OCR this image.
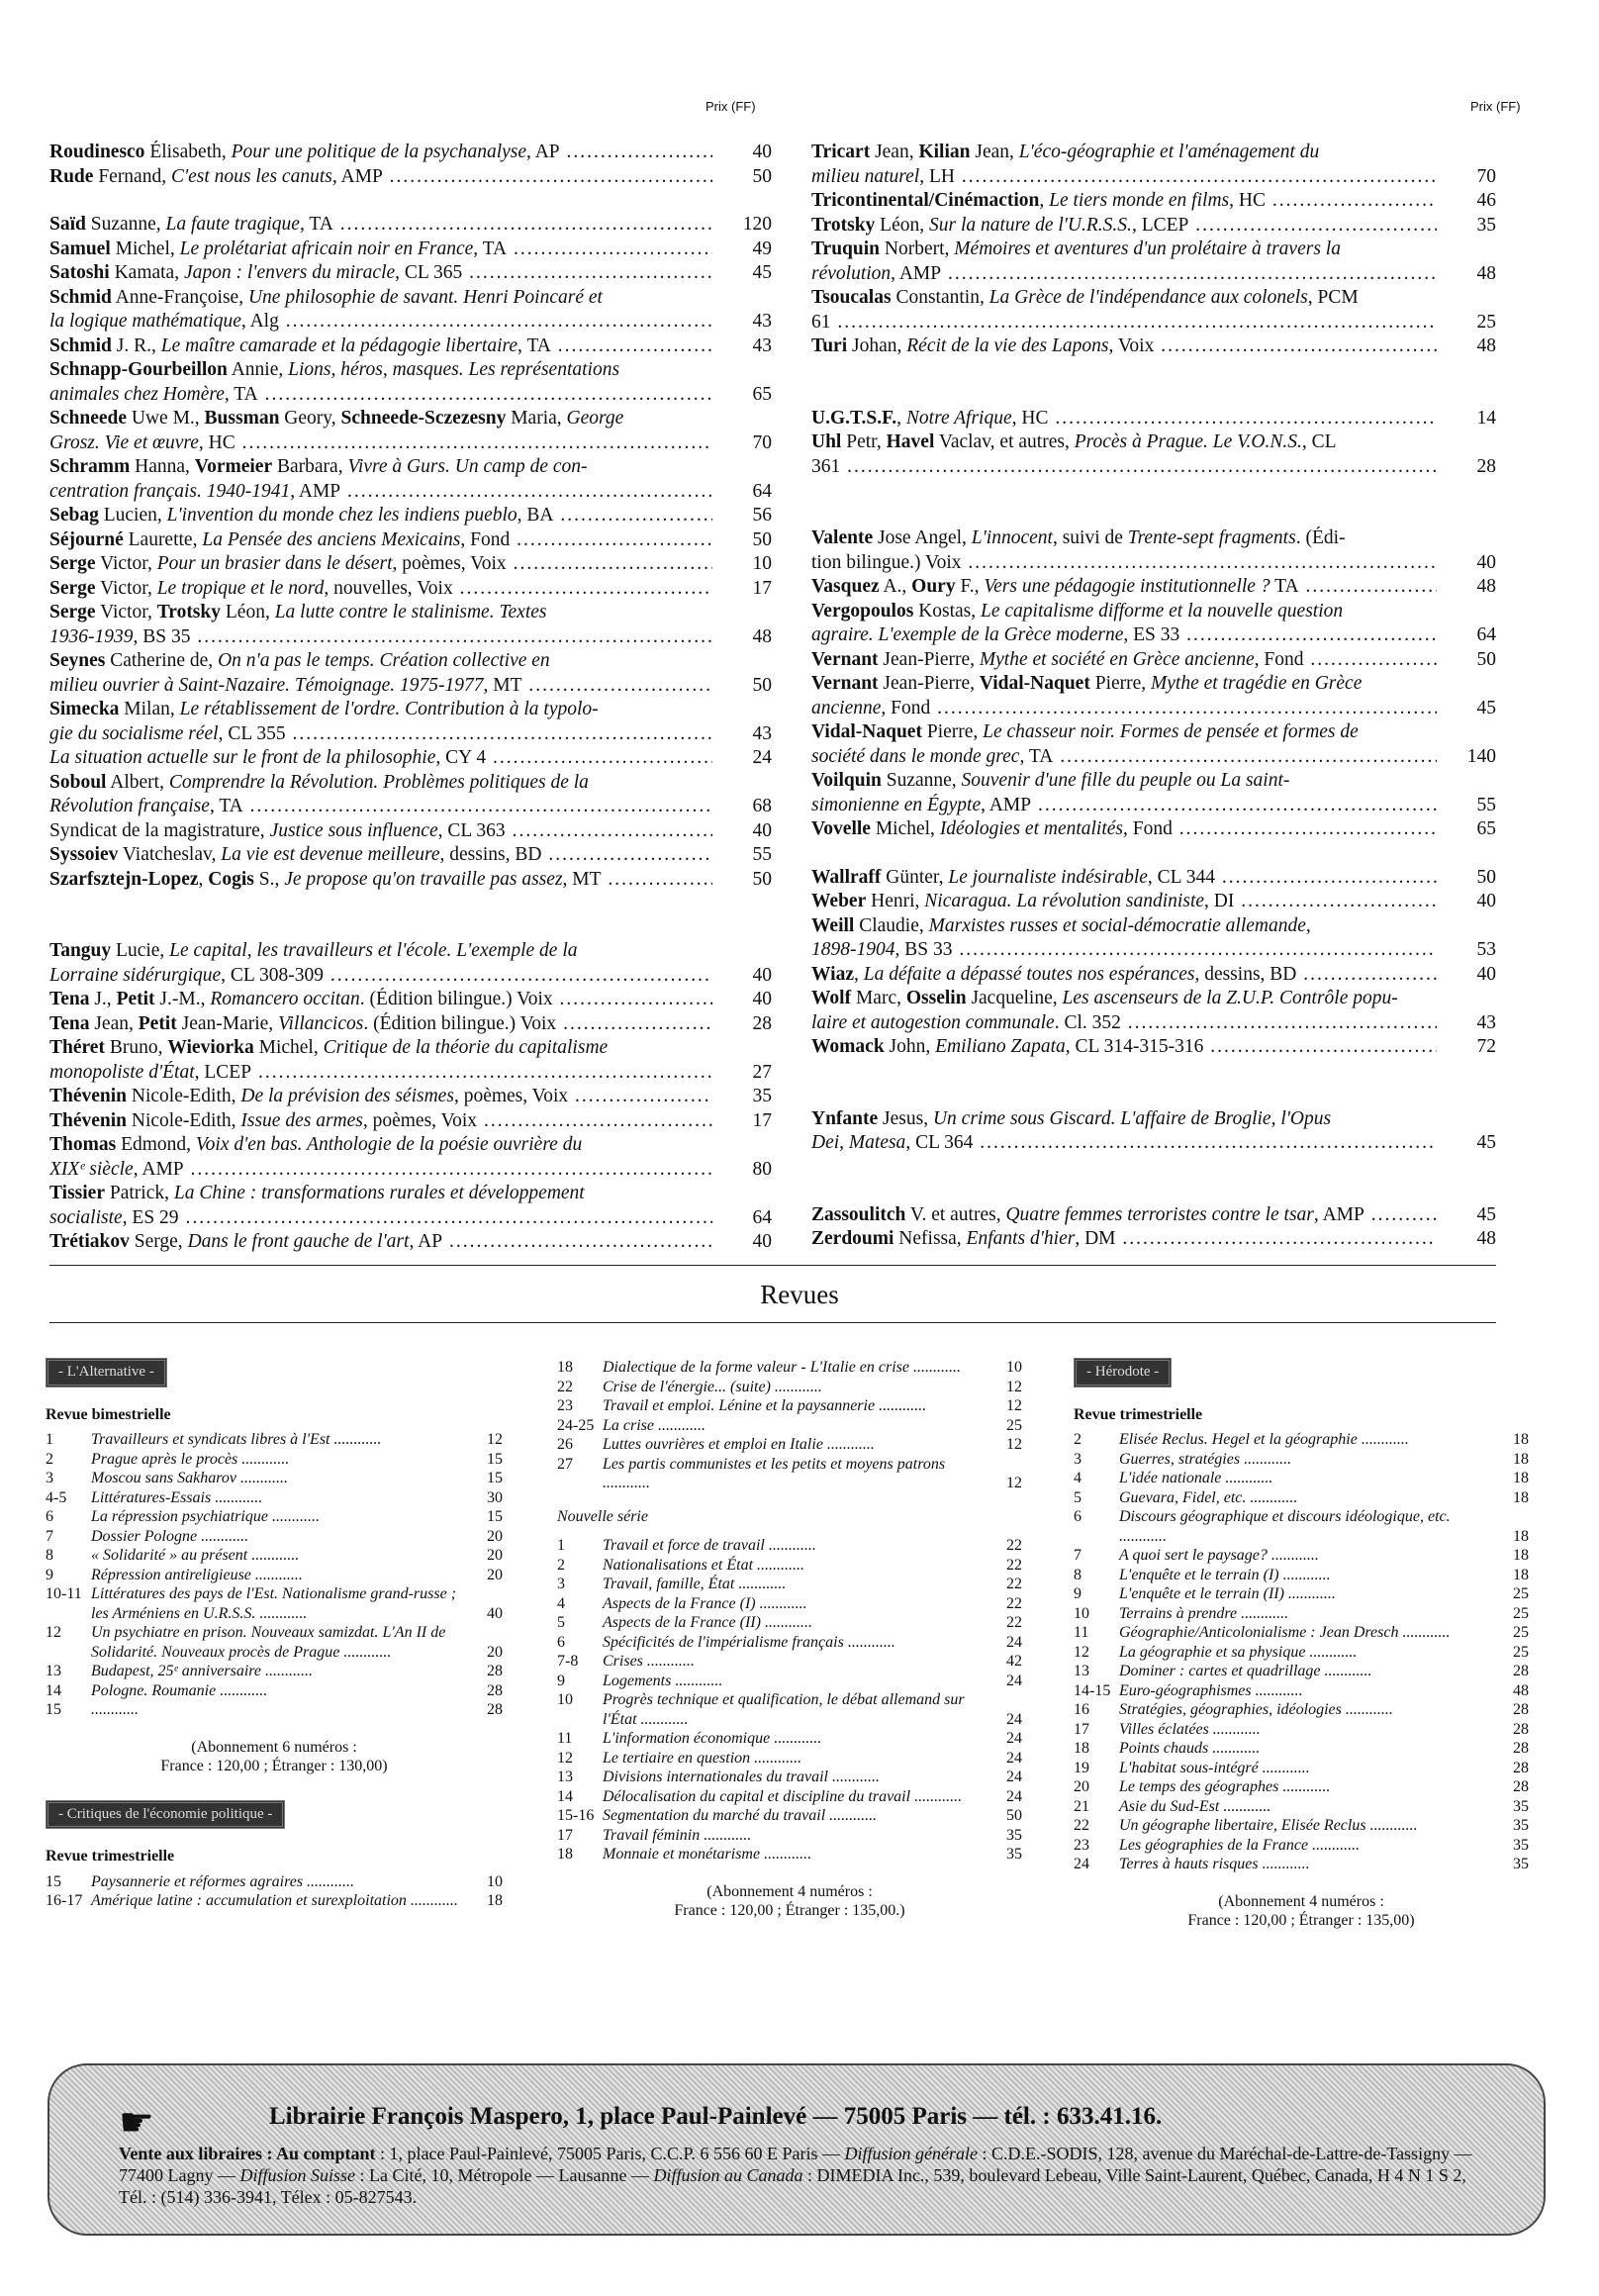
Prix (FF)	Prix (FF)
Roudinesco Élisabeth, Pour une politique de la psychanalyse, AP .....	40
Rude Fernand, C'est nous les canuts, AMP .....	50
Saïd Suzanne, La faute tragique, TA .....	120
Samuel Michel, Le prolétariat africain noir en France, TA .....	49
Satoshi Kamata, Japon : l'envers du miracle, CL 365 .....	45
Schmid Anne-Françoise, Une philosophie de savant. Henri Poincaré et
la logique mathématique, Alg .....	43
Schmid J. R., Le maître camarade et la pédagogie libertaire, TA .....	43
Schnapp-Gourbeillon Annie, Lions, héros, masques. Les représentations
animales chez Homère, TA .....	65
Schneede Uwe M., Bussman Geory, Schneede-Sczezesny Maria, George
Grosz. Vie et œuvre, HC .....	70
Schramm Hanna, Vormeier Barbara, Vivre à Gurs. Un camp de con-
centration français. 1940-1941, AMP .....	64
Sebag Lucien, L'invention du monde chez les indiens pueblo, BA .....	56
Séjourné Laurette, La Pensée des anciens Mexicains, Fond .....	50
Serge Victor, Pour un brasier dans le désert, poèmes, Voix .....	10
Serge Victor, Le tropique et le nord, nouvelles, Voix .....	17
Serge Victor, Trotsky Léon, La lutte contre le stalinisme. Textes
1936-1939, BS 35 .....	48
Seynes Catherine de, On n'a pas le temps. Création collective en
milieu ouvrier à Saint-Nazaire. Témoignage. 1975-1977, MT .....	50
Simecka Milan, Le rétablissement de l'ordre. Contribution à la typolo-
gie du socialisme réel, CL 355 .....	43
La situation actuelle sur le front de la philosophie, CY 4 .....	24
Soboul Albert, Comprendre la Révolution. Problèmes politiques de la
Révolution française, TA .....	68
Syndicat de la magistrature, Justice sous influence, CL 363 .....	40
Syssoiev Viatcheslav, La vie est devenue meilleure, dessins, BD .....	55
Szarfsztejn-Lopez, Cogis S., Je propose qu'on travaille pas assez, MT .....	50
Tanguy Lucie, Le capital, les travailleurs et l'école. L'exemple de la
Lorraine sidérurgique, CL 308-309 .....	40
Tena J., Petit J.-M., Romancero occitan. (Édition bilingue.) Voix .....	40
Tena Jean, Petit Jean-Marie, Villancicos. (Édition bilingue.) Voix .....	28
Théret Bruno, Wieviorka Michel, Critique de la théorie du capitalisme
monopoliste d'État, LCEP .....	27
Thévenin Nicole-Edith, De la prévision des séismes, poèmes, Voix .....	35
Thévenin Nicole-Edith, Issue des armes, poèmes, Voix .....	17
Thomas Edmond, Voix d'en bas. Anthologie de la poésie ouvrière du
XIXᵉ siècle, AMP .....	80
Tissier Patrick, La Chine : transformations rurales et développement
socialiste, ES 29 .....	64
Trétiakov Serge, Dans le front gauche de l'art, AP .....	40
Tricart Jean, Kilian Jean, L'éco-géographie et l'aménagement du
milieu naturel, LH .....	70
Tricontinental/Cinémaction, Le tiers monde en films, HC .....	46
Trotsky Léon, Sur la nature de l'U.R.S.S., LCEP .....	35
Truquin Norbert, Mémoires et aventures d'un prolétaire à travers la
révolution, AMP .....	48
Tsoucalas Constantin, La Grèce de l'indépendance aux colonels, PCM
61 .....	25
Turi Johan, Récit de la vie des Lapons, Voix .....	48
U.G.T.S.F., Notre Afrique, HC .....	14
Uhl Petr, Havel Vaclav, et autres, Procès à Prague. Le V.O.N.S., CL
361 .....	28
Valente Jose Angel, L'innocent, suivi de Trente-sept fragments. (Édi-
tion bilingue.) Voix .....	40
Vasquez A., Oury F., Vers une pédagogie institutionnelle ? TA .....	48
Vergopoulos Kostas, Le capitalisme difforme et la nouvelle question
agraire. L'exemple de la Grèce moderne, ES 33 .....	64
Vernant Jean-Pierre, Mythe et société en Grèce ancienne, Fond .....	50
Vernant Jean-Pierre, Vidal-Naquet Pierre, Mythe et tragédie en Grèce
ancienne, Fond .....	45
Vidal-Naquet Pierre, Le chasseur noir. Formes de pensée et formes de
société dans le monde grec, TA .....	140
Voilquin Suzanne, Souvenir d'une fille du peuple ou La saint-
simonienne en Égypte, AMP .....	55
Vovelle Michel, Idéologies et mentalités, Fond .....	65
Wallraff Günter, Le journaliste indésirable, CL 344 .....	50
Weber Henri, Nicaragua. La révolution sandiniste, DI .....	40
Weill Claudie, Marxistes russes et social-démocratie allemande,
1898-1904, BS 33 .....	53
Wiaz, La défaite a dépassé toutes nos espérances, dessins, BD .....	40
Wolf Marc, Osselin Jacqueline, Les ascenseurs de la Z.U.P. Contrôle popu-
laire et autogestion communale. Cl. 352 .....	43
Womack John, Emiliano Zapata, CL 314-315-316 .....	72
Ynfante Jesus, Un crime sous Giscard. L'affaire de Broglie, l'Opus
Dei, Matesa, CL 364 .....	45
Zassoulitch V. et autres, Quatre femmes terroristes contre le tsar, AMP .....	45
Zerdoumi Nefissa, Enfants d'hier, DM .....	48
Revues
- L'Alternative -
Revue bimestrielle
1	Travailleurs et syndicats libres à l'Est ............	12
2	Prague après le procès ............	15
3	Moscou sans Sakharov ............	15
4-5	Littératures-Essais ............	30
6	La répression psychiatrique ............	15
7	Dossier Pologne ............	20
8	« Solidarité » au présent ............	20
9	Répression antireligieuse ............	20
10-11 Littératures des pays de l'Est. Nationalisme grand-russe ; les Arméniens en U.R.S.S. ............	40
12	Un psychiatre en prison. Nouveaux samizdat. L'An II de Solidarité. Nouveaux procès de Prague ............	20
13	Budapest, 25ᵉ anniversaire ............	28
14	Pologne. Roumanie ............	28
15	............	28
(Abonnement 6 numéros :
France : 120,00 ; Étranger : 130,00)
- Critiques de l'économie politique -
Revue trimestrielle
15	Paysannerie et réformes agraires ............	10
16-17 Amérique latine : accumulation et surexploitation ............	18
18	Dialectique de la forme valeur - L'Italie en crise ............	10
22	Crise de l'énergie... (suite) ............	12
23	Travail et emploi. Lénine et la paysannerie ............	12
24-25 La crise ............	25
26	Luttes ouvrières et emploi en Italie ............	12
27	Les partis communistes et les petits et moyens patrons ............	12
Nouvelle série
1	Travail et force de travail ............	22
2	Nationalisations et État ............	22
3	Travail, famille, État ............	22
4	Aspects de la France (I) ............	22
5	Aspects de la France (II) ............	22
6	Spécificités de l'impérialisme français ............	24
7-8	Crises ............	42
9	Logements ............	24
10	Progrès technique et qualification, le débat allemand sur l'État ............	24
11	L'information économique ............	24
12	Le tertiaire en question ............	24
13	Divisions internationales du travail ............	24
14	Délocalisation du capital et discipline du travail ............	24
15-16 Segmentation du marché du travail ............	50
17	Travail féminin ............	35
18	Monnaie et monétarisme ............	35
(Abonnement 4 numéros :
France : 120,00 ; Étranger : 135,00.)
- Hérodote -
Revue trimestrielle
2	Elisée Reclus. Hegel et la géographie ............	18
3	Guerres, stratégies ............	18
4	L'idée nationale ............	18
5	Guevara, Fidel, etc. ............	18
6	Discours géographique et discours idéologique, etc. ............	18
7	A quoi sert le paysage? ............	18
8	L'enquête et le terrain (I) ............	18
9	L'enquête et le terrain (II) ............	25
10	Terrains à prendre ............	25
11	Géographie/Anticolonialisme : Jean Dresch ............	25
12	La géographie et sa physique ............	25
13	Dominer : cartes et quadrillage ............	28
14-15 Euro-géographismes ............	48
16	Stratégies, géographies, idéologies ............	28
17	Villes éclatées ............	28
18	Points chauds ............	28
19	L'habitat sous-intégré ............	28
20	Le temps des géographes ............	28
21	Asie du Sud-Est ............	35
22	Un géographe libertaire, Elisée Reclus ............	35
23	Les géographies de la France ............	35
24	Terres à hauts risques ............	35
(Abonnement 4 numéros :
France : 120,00 ; Étranger : 135,00)
☛	Librairie François Maspero, 1, place Paul-Painlevé — 75005 Paris — tél. : 633.41.16.
Vente aux libraires : Au comptant : 1, place Paul-Painlevé, 75005 Paris, C.C.P. 6 556 60 E Paris — Diffusion générale : C.D.E.-SODIS, 128, avenue du Maréchal-de-Lattre-de-Tassigny — 77400 Lagny — Diffusion Suisse : La Cité, 10, Métropole — Lausanne — Diffusion au Canada : DIMEDIA Inc., 539, boulevard Lebeau, Ville Saint-Laurent, Québec, Canada, H 4 N 1 S 2, Tél. : (514) 336-3941, Télex : 05-827543.
